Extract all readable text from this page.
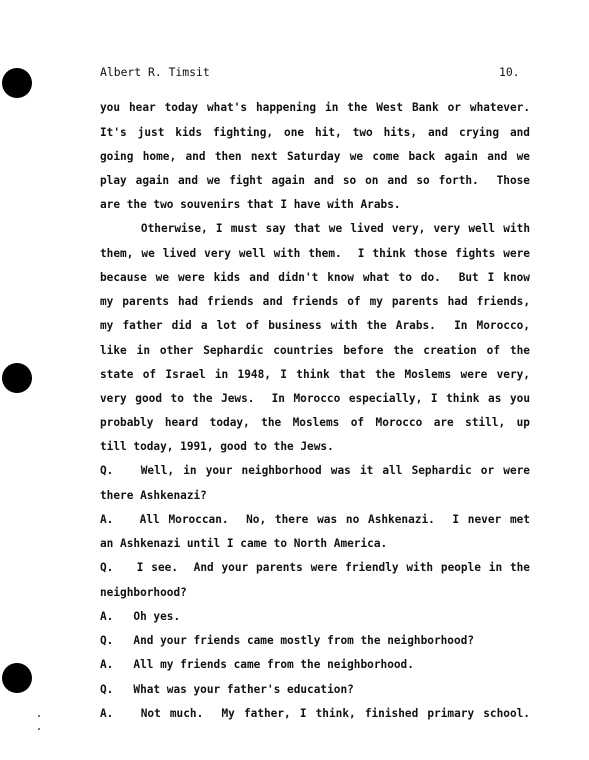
Albert R. Timsit	10.
you hear today what's happening in the West Bank or whatever.
It's just kids fighting, one hit, two hits, and crying and
going home, and then next Saturday we come back again and we
play again and we fight again and so on and so forth.  Those
are the two souvenirs that I have with Arabs.
Otherwise, I must say that we lived very, very well with
them, we lived very well with them.  I think those fights were
because we were kids and didn't know what to do.  But I know
my parents had friends and friends of my parents had friends,
my father did a lot of business with the Arabs.  In Morocco,
like in other Sephardic countries before the creation of the
state of Israel in 1948, I think that the Moslems were very,
very good to the Jews.  In Morocco especially, I think as you
probably heard today, the Moslems of Morocco are still, up
till today, 1991, good to the Jews.
Q.   Well, in your neighborhood was it all Sephardic or were
there Ashkenazi?
A.   All Moroccan.  No, there was no Ashkenazi.  I never met
an Ashkenazi until I came to North America.
Q.   I see.  And your parents were friendly with people in the
neighborhood?
A.   Oh yes.
Q.   And your friends came mostly from the neighborhood?
A.   All my friends came from the neighborhood.
Q.   What was your father's education?
A.   Not much.  My father, I think, finished primary school.
